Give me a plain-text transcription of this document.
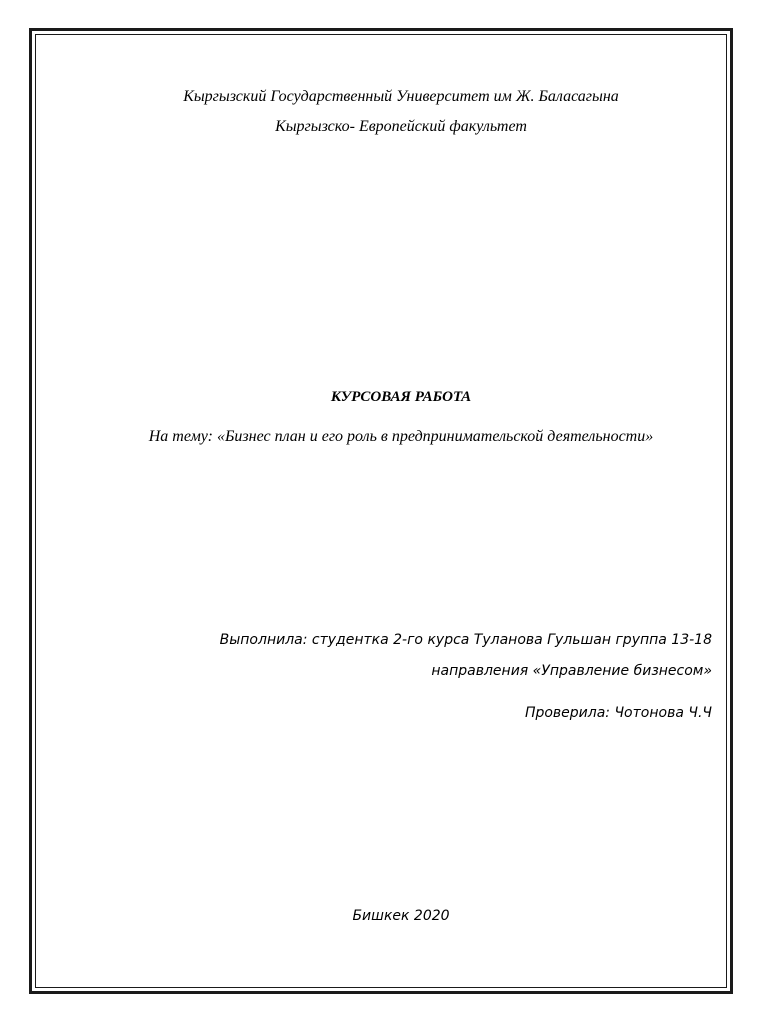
Кыргызский Государственный Университет им Ж. Баласагына
Кыргызско- Европейский факультет
КУРСОВАЯ РАБОТА
На тему: «Бизнес план и его роль в предпринимательской деятельности»
Выполнила: студентка 2-го курса Туланова Гульшан группа 13-18
направления «Управление бизнесом»
Проверила: Чотонова Ч.Ч
Бишкек 2020
